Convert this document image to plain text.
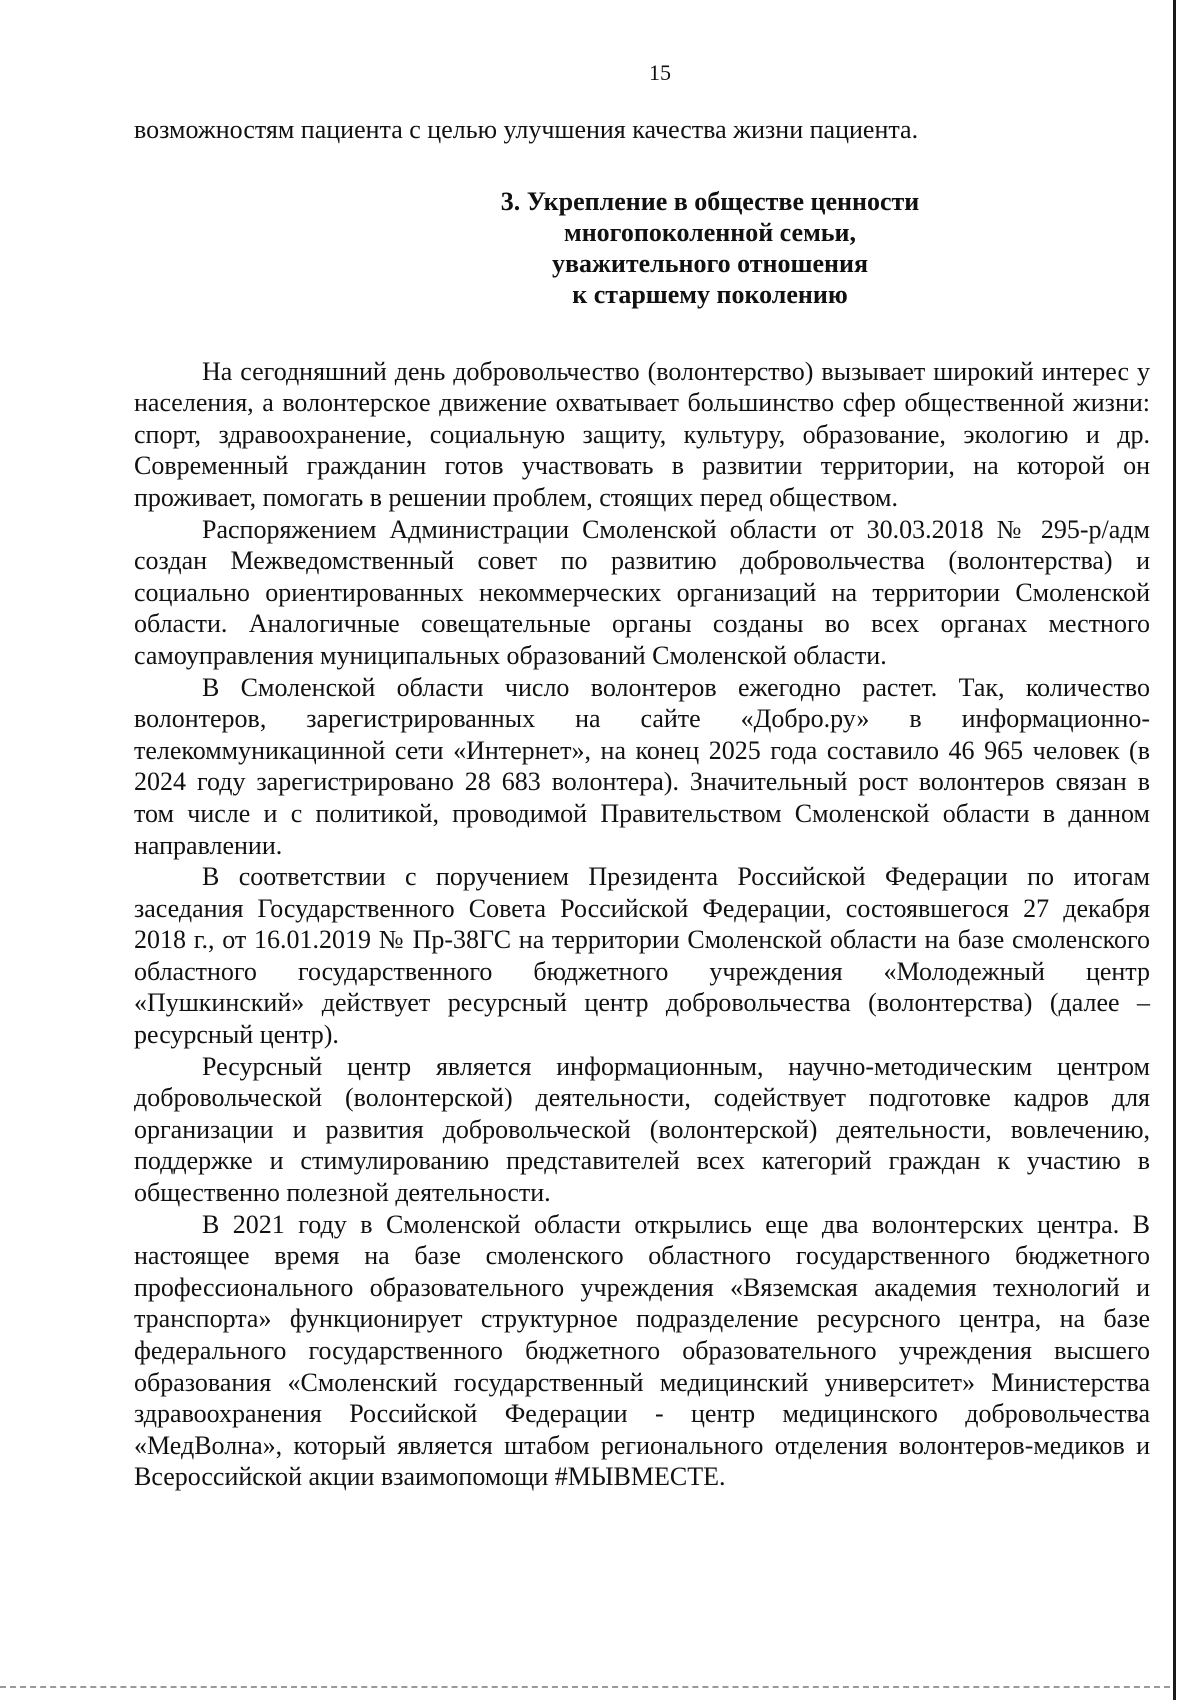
15

возможностям пациента с целью улучшения качества жизни пациента.

3. Укрепление в обществе ценности
многопоколенной семьи,
уважительного отношения
к старшему поколению

На сегодняшний день добровольчество (волонтерство) вызывает широкий интерес у населения, а волонтерское движение охватывает большинство сфер общественной жизни: спорт, здравоохранение, социальную защиту, культуру, образование, экологию и др. Современный гражданин готов участвовать в развитии территории, на которой он проживает, помогать в решении проблем, стоящих перед обществом.

Распоряжением Администрации Смоленской области от 30.03.2018 № 295-р/адм создан Межведомственный совет по развитию добровольчества (волонтерства) и социально ориентированных некоммерческих организаций на территории Смоленской области. Аналогичные совещательные органы созданы во всех органах местного самоуправления муниципальных образований Смоленской области.

В Смоленской области число волонтеров ежегодно растет. Так, количество волонтеров, зарегистрированных на сайте «Добро.ру» в информационно-телекоммуникацинной сети «Интернет», на конец 2025 года составило 46 965 человек (в 2024 году зарегистрировано 28 683 волонтера). Значительный рост волонтеров связан в том числе и с политикой, проводимой Правительством Смоленской области в данном направлении.

В соответствии с поручением Президента Российской Федерации по итогам заседания Государственного Совета Российской Федерации, состоявшегося 27 декабря 2018 г., от 16.01.2019 № Пр-38ГС на территории Смоленской области на базе смоленского областного государственного бюджетного учреждения «Молодежный центр «Пушкинский» действует ресурсный центр добровольчества (волонтерства) (далее – ресурсный центр).

Ресурсный центр является информационным, научно-методическим центром добровольческой (волонтерской) деятельности, содействует подготовке кадров для организации и развития добровольческой (волонтерской) деятельности, вовлечению, поддержке и стимулированию представителей всех категорий граждан к участию в общественно полезной деятельности.

В 2021 году в Смоленской области открылись еще два волонтерских центра. В настоящее время на базе смоленского областного государственного бюджетного профессионального образовательного учреждения «Вяземская академия технологий и транспорта» функционирует структурное подразделение ресурсного центра, на базе федерального государственного бюджетного образовательного учреждения высшего образования «Смоленский государственный медицинский университет» Министерства здравоохранения Российской Федерации - центр медицинского добровольчества «МедВолна», который является штабом регионального отделения волонтеров-медиков и Всероссийской акции взаимопомощи #МЫВМЕСТЕ.
